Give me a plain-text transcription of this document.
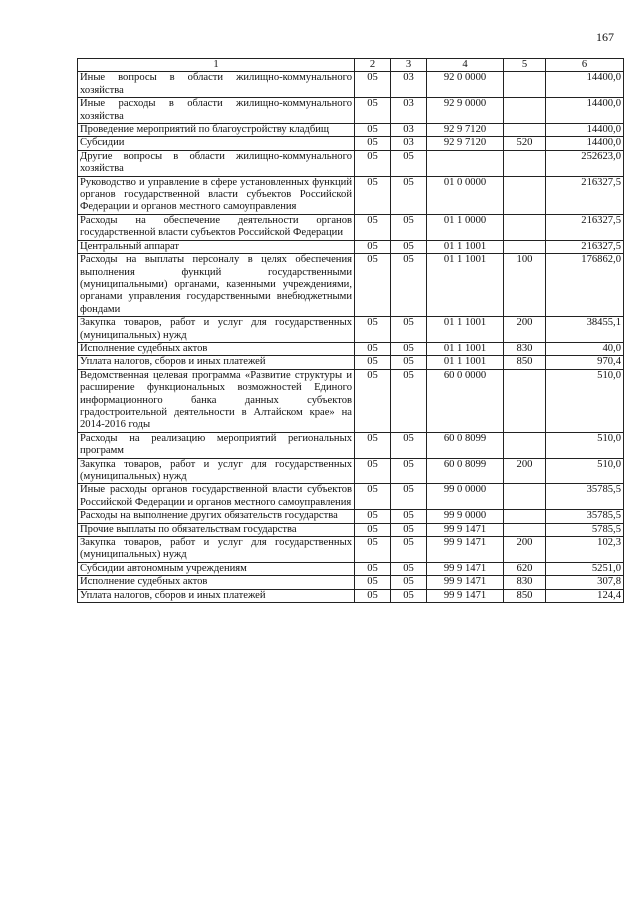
167
1	2	3	4	5	6
Иные вопросы в области жилищно-коммунального хозяйства	05	03	92 0 0000		14400,0
Иные расходы в области жилищно-коммунального хозяйства	05	03	92 9 0000		14400,0
Проведение мероприятий по благоустройству кладбищ	05	03	92 9 7120		14400,0
Субсидии	05	03	92 9 7120	520	14400,0
Другие вопросы в области жилищно-коммунального хозяйства	05	05			252623,0
Руководство и управление в сфере установленных функций органов государственной власти субъектов Российской Федерации и органов местного самоуправления	05	05	01 0 0000		216327,5
Расходы на обеспечение деятельности органов государственной власти субъектов Российской Федерации	05	05	01 1 0000		216327,5
Центральный аппарат	05	05	01 1 1001		216327,5
Расходы на выплаты персоналу в целях обеспечения выполнения функций государственными (муниципальными) органами, казенными учреждениями, органами управления государственными внебюджетными фондами	05	05	01 1 1001	100	176862,0
Закупка товаров, работ и услуг для государственных (муниципальных) нужд	05	05	01 1 1001	200	38455,1
Исполнение судебных актов	05	05	01 1 1001	830	40,0
Уплата налогов, сборов и иных платежей	05	05	01 1 1001	850	970,4
Ведомственная целевая программа «Развитие структуры и расширение функциональных возможностей Единого информационного банка данных субъектов градостроительной деятельности в Алтайском крае» на 2014-2016 годы	05	05	60 0 0000		510,0
Расходы на реализацию мероприятий региональных программ	05	05	60 0 8099		510,0
Закупка товаров, работ и услуг для государственных (муниципальных) нужд	05	05	60 0 8099	200	510,0
Иные расходы органов государственной власти субъектов Российской Федерации и органов местного самоуправления	05	05	99 0 0000		35785,5
Расходы на выполнение других обязательств государства	05	05	99 9 0000		35785,5
Прочие выплаты по обязательствам государства	05	05	99 9 1471		5785,5
Закупка товаров, работ и услуг для государственных (муниципальных) нужд	05	05	99 9 1471	200	102,3
Субсидии автономным учреждениям	05	05	99 9 1471	620	5251,0
Исполнение судебных актов	05	05	99 9 1471	830	307,8
Уплата налогов, сборов и иных платежей	05	05	99 9 1471	850	124,4
